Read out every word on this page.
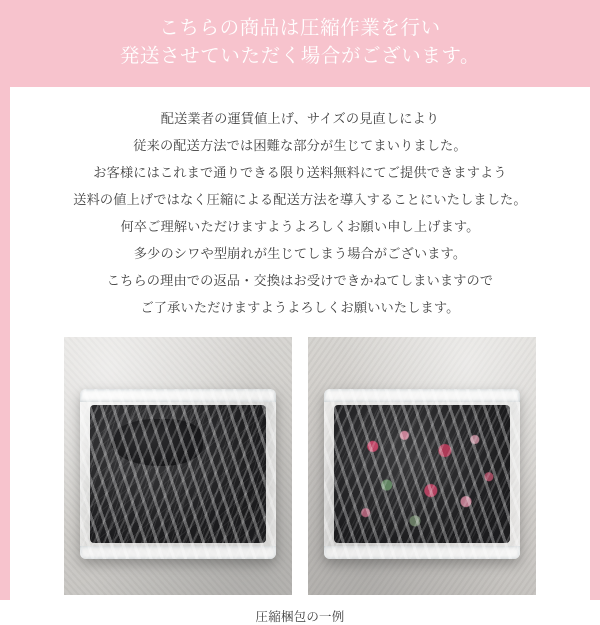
こちらの商品は圧縮作業を行い
発送させていただく場合がございます。
配送業者の運賃値上げ、サイズの見直しにより
従来の配送方法では困難な部分が生じてまいりました。
お客様にはこれまで通りできる限り送料無料にてご提供できますよう
送料の値上げではなく圧縮による配送方法を導入することにいたしました。
何卒ご理解いただけますようよろしくお願い申し上げます。
多少のシワや型崩れが生じてしまう場合がございます。
こちらの理由での返品・交換はお受けできかねてしまいますので
ご了承いただけますようよろしくお願いいたします。
圧縮梱包の一例
